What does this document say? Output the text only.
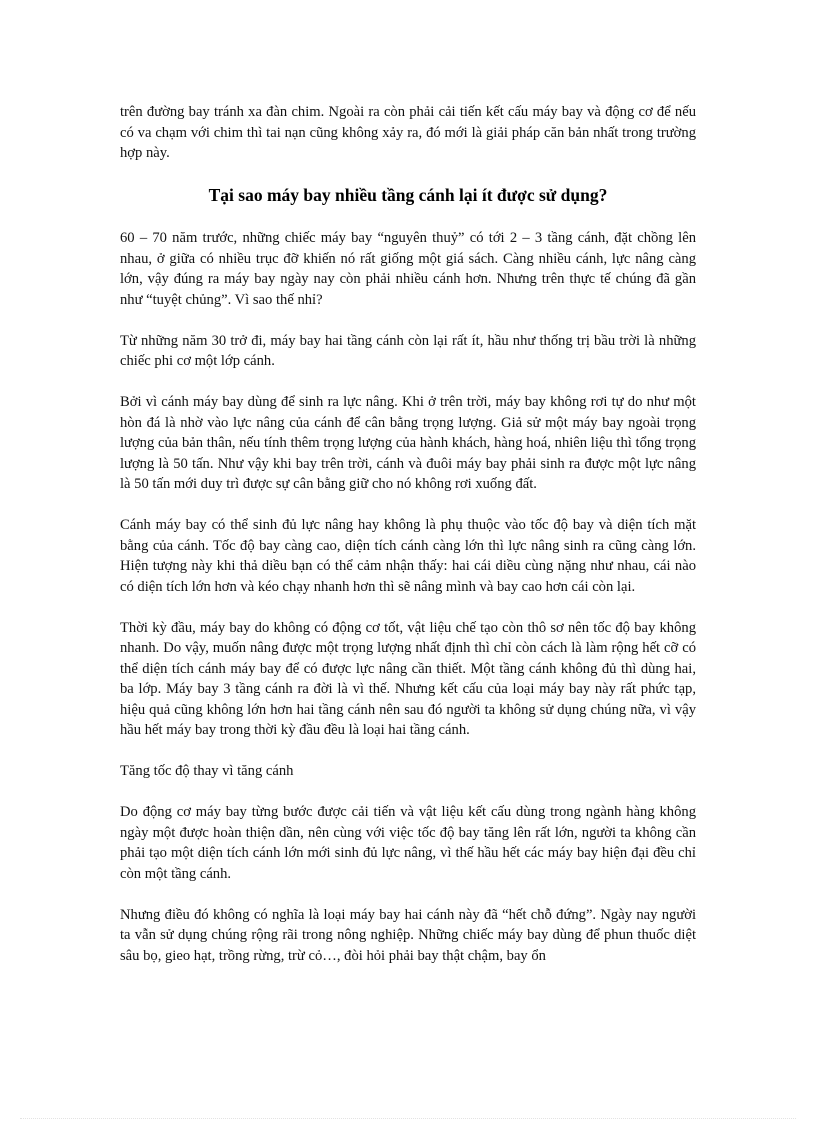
trên đường bay tránh xa đàn chim. Ngoài ra còn phải cải tiến kết cấu máy bay và động cơ để nếu có va chạm với chim thì tai nạn cũng không xảy ra, đó mới là giải pháp căn bản nhất trong trường hợp này.

Tại sao máy bay nhiều tầng cánh lại ít được sử dụng?

60 – 70 năm trước, những chiếc máy bay “nguyên thuỷ” có tới 2 – 3 tầng cánh, đặt chồng lên nhau, ở giữa có nhiều trục đỡ khiến nó rất giống một giá sách. Càng nhiều cánh, lực nâng càng lớn, vậy đúng ra máy bay ngày nay còn phải nhiều cánh hơn. Nhưng trên thực tế chúng đã gần như “tuyệt chủng”. Vì sao thế nhỉ?

Từ những năm 30 trở đi, máy bay hai tầng cánh còn lại rất ít, hầu như thống trị bầu trời là những chiếc phi cơ một lớp cánh.

Bởi vì cánh máy bay dùng để sinh ra lực nâng. Khi ở trên trời, máy bay không rơi tự do như một hòn đá là nhờ vào lực nâng của cánh để cân bằng trọng lượng. Giả sử một máy bay ngoài trọng lượng của bản thân, nếu tính thêm trọng lượng của hành khách, hàng hoá, nhiên liệu thì tổng trọng lượng là 50 tấn. Như vậy khi bay trên trời, cánh và đuôi máy bay phải sinh ra được một lực nâng là 50 tấn mới duy trì được sự cân bằng giữ cho nó không rơi xuống đất.

Cánh máy bay có thể sinh đủ lực nâng hay không là phụ thuộc vào tốc độ bay và diện tích mặt bằng của cánh. Tốc độ bay càng cao, diện tích cánh càng lớn thì lực nâng sinh ra cũng càng lớn. Hiện tượng này khi thả diều bạn có thể cảm nhận thấy: hai cái diều cùng nặng như nhau, cái nào có diện tích lớn hơn và kéo chạy nhanh hơn thì sẽ nâng mình và bay cao hơn cái còn lại.

Thời kỳ đầu, máy bay do không có động cơ tốt, vật liệu chế tạo còn thô sơ nên tốc độ bay không nhanh. Do vậy, muốn nâng được một trọng lượng nhất định thì chỉ còn cách là làm rộng hết cỡ có thể diện tích cánh máy bay để có được lực nâng cần thiết. Một tầng cánh không đủ thì dùng hai, ba lớp. Máy bay 3 tầng cánh ra đời là vì thế. Nhưng kết cấu của loại máy bay này rất phức tạp, hiệu quả cũng không lớn hơn hai tầng cánh nên sau đó người ta không sử dụng chúng nữa, vì vậy hầu hết máy bay trong thời kỳ đầu đều là loại hai tầng cánh.

Tăng tốc độ thay vì tăng cánh

Do động cơ máy bay từng bước được cải tiến và vật liệu kết cấu dùng trong ngành hàng không ngày một được hoàn thiện dần, nên cùng với việc tốc độ bay tăng lên rất lớn, người ta không cần phải tạo một diện tích cánh lớn mới sinh đủ lực nâng, vì thế hầu hết các máy bay hiện đại đều chỉ còn một tầng cánh.

Nhưng điều đó không có nghĩa là loại máy bay hai cánh này đã “hết chỗ đứng”. Ngày nay người ta vẫn sử dụng chúng rộng rãi trong nông nghiệp. Những chiếc máy bay dùng để phun thuốc diệt sâu bọ, gieo hạt, trồng rừng, trừ cỏ…, đòi hỏi phải bay thật chậm, bay ổn
